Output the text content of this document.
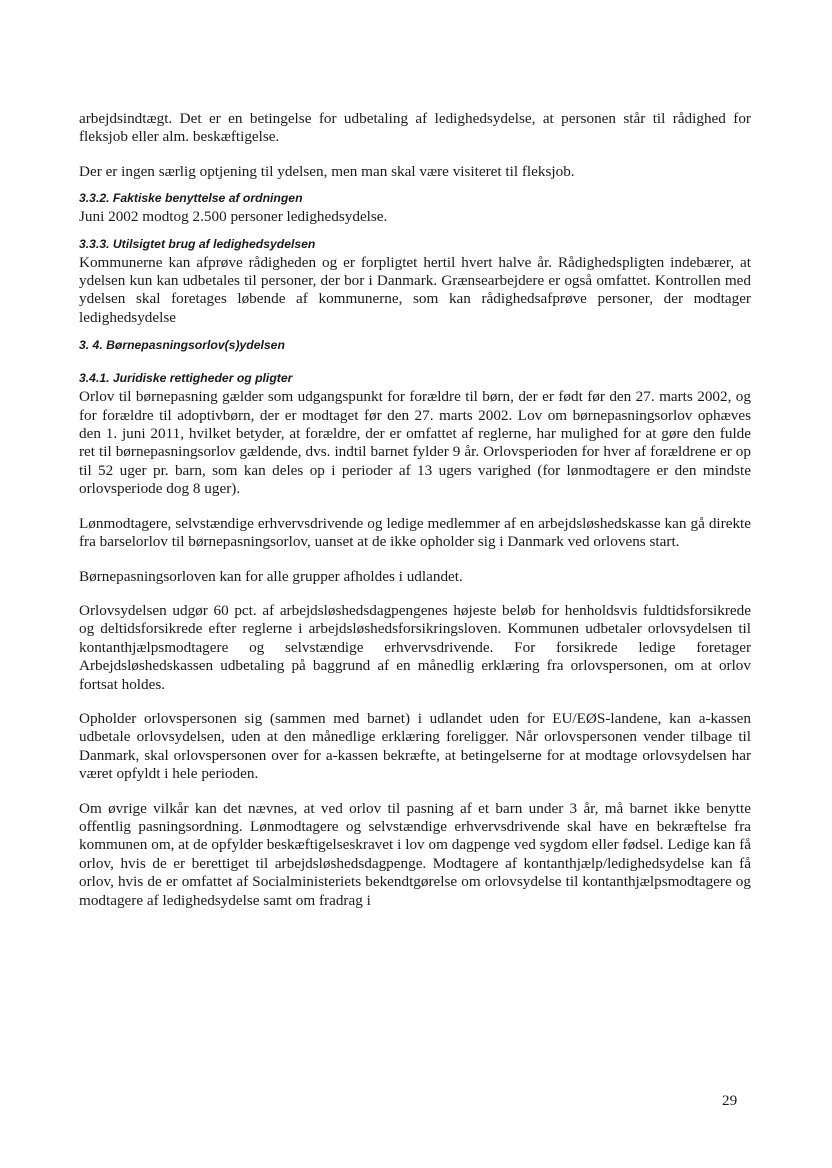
arbejdsindtægt. Det er en betingelse for udbetaling af ledighedsydelse, at personen står til rådighed for fleksjob eller alm. beskæftigelse.

Der er ingen særlig optjening til ydelsen, men man skal være visiteret til fleksjob.

3.3.2. Faktiske benyttelse af ordningen

Juni 2002 modtog 2.500 personer ledighedsydelse.

3.3.3. Utilsigtet brug af ledighedsydelsen

Kommunerne kan afprøve rådigheden og er forpligtet hertil hvert halve år. Rådighedspligten indebærer, at ydelsen kun kan udbetales til personer, der bor i Danmark. Grænsearbejdere er også omfattet. Kontrollen med ydelsen skal foretages løbende af kommunerne, som kan rådighedsafprøve personer, der modtager ledighedsydelse

3. 4. Børnepasningsorlov(s)ydelsen

3.4.1. Juridiske rettigheder og pligter

Orlov til børnepasning gælder som udgangspunkt for forældre til børn, der er født før den 27. marts 2002, og for forældre til adoptivbørn, der er modtaget før den 27. marts 2002. Lov om børnepasningsorlov ophæves den 1. juni 2011, hvilket betyder, at forældre, der er omfattet af reglerne, har mulighed for at gøre den fulde ret til børnepasningsorlov gældende, dvs. indtil barnet fylder 9 år. Orlovsperioden for hver af forældrene er op til 52 uger pr. barn, som kan deles op i perioder af 13 ugers varighed (for lønmodtagere er den mindste orlovsperiode dog 8 uger).

Lønmodtagere, selvstændige erhvervsdrivende og ledige medlemmer af en arbejdsløshedskasse kan gå direkte fra barselorlov til børnepasningsorlov, uanset at de ikke opholder sig i Danmark ved orlovens start.

Børnepasningsorloven kan for alle grupper afholdes i udlandet.

Orlovsydelsen udgør 60 pct. af arbejdsløshedsdagpengenes højeste beløb for henholdsvis fuldtidsforsikrede og deltidsforsikrede efter reglerne i arbejdsløshedsforsikringsloven. Kommunen udbetaler orlovsydelsen til kontanthjælpsmodtagere og selvstændige erhvervsdrivende. For forsikrede ledige foretager Arbejdsløshedskassen udbetaling på baggrund af en månedlig erklæring fra orlovspersonen, om at orlov fortsat holdes.

Opholder orlovspersonen sig (sammen med barnet) i udlandet uden for EU/EØS-landene, kan a-kassen udbetale orlovsydelsen, uden at den månedlige erklæring foreligger. Når orlovspersonen vender tilbage til Danmark, skal orlovspersonen over for a-kassen bekræfte, at betingelserne for at modtage orlovsydelsen har været opfyldt i hele perioden.

Om øvrige vilkår kan det nævnes, at ved orlov til pasning af et barn under 3 år, må barnet ikke benytte offentlig pasningsordning. Lønmodtagere og selvstændige erhvervsdrivende skal have en bekræftelse fra kommunen om, at de opfylder beskæftigelseskravet i lov om dagpenge ved sygdom eller fødsel. Ledige kan få orlov, hvis de er berettiget til arbejdsløshedsdagpenge. Modtagere af kontanthjælp/ledighedsydelse kan få orlov, hvis de er omfattet af Socialministeriets bekendtgørelse om orlovsydelse til kontanthjælpsmodtagere og modtagere af ledighedsydelse samt om fradrag i

29
